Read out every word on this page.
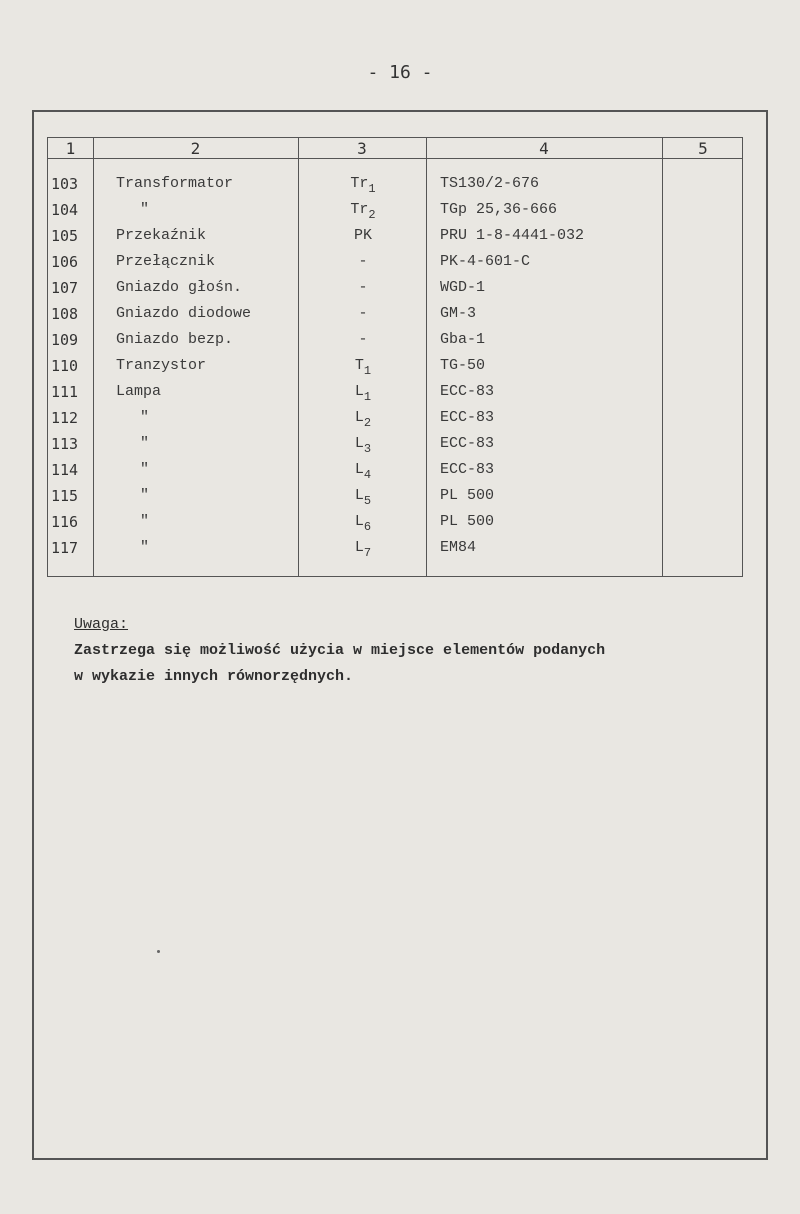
- 16 -
1	2	3	4	5
103	Transformator	$Tr_1$	TS130/2-676
104	"	$Tr_2$	TGp 25,36-666
105	Przekaźnik	PK	PRU 1-8-4441-032
106	Przełącznik	-	PK-4-601-C
107	Gniazdo głośn.	-	WGD-1
108	Gniazdo diodowe	-	GM-3
109	Gniazdo bezp.	-	Gba-1
110	Tranzystor	$T_1$	TG-50
111	Lampa	$L_1$	ECC-83
112	"	$L_2$	ECC-83
113	"	$L_3$	ECC-83
114	"	$L_4$	ECC-83
115	"	$L_5$	PL 500
116	"	$L_6$	PL 500
117	"	$L_7$	EM84
Uwaga:
Zastrzega się możliwość użycia w miejsce elementów podanych
w wykazie innych równorzędnych.
